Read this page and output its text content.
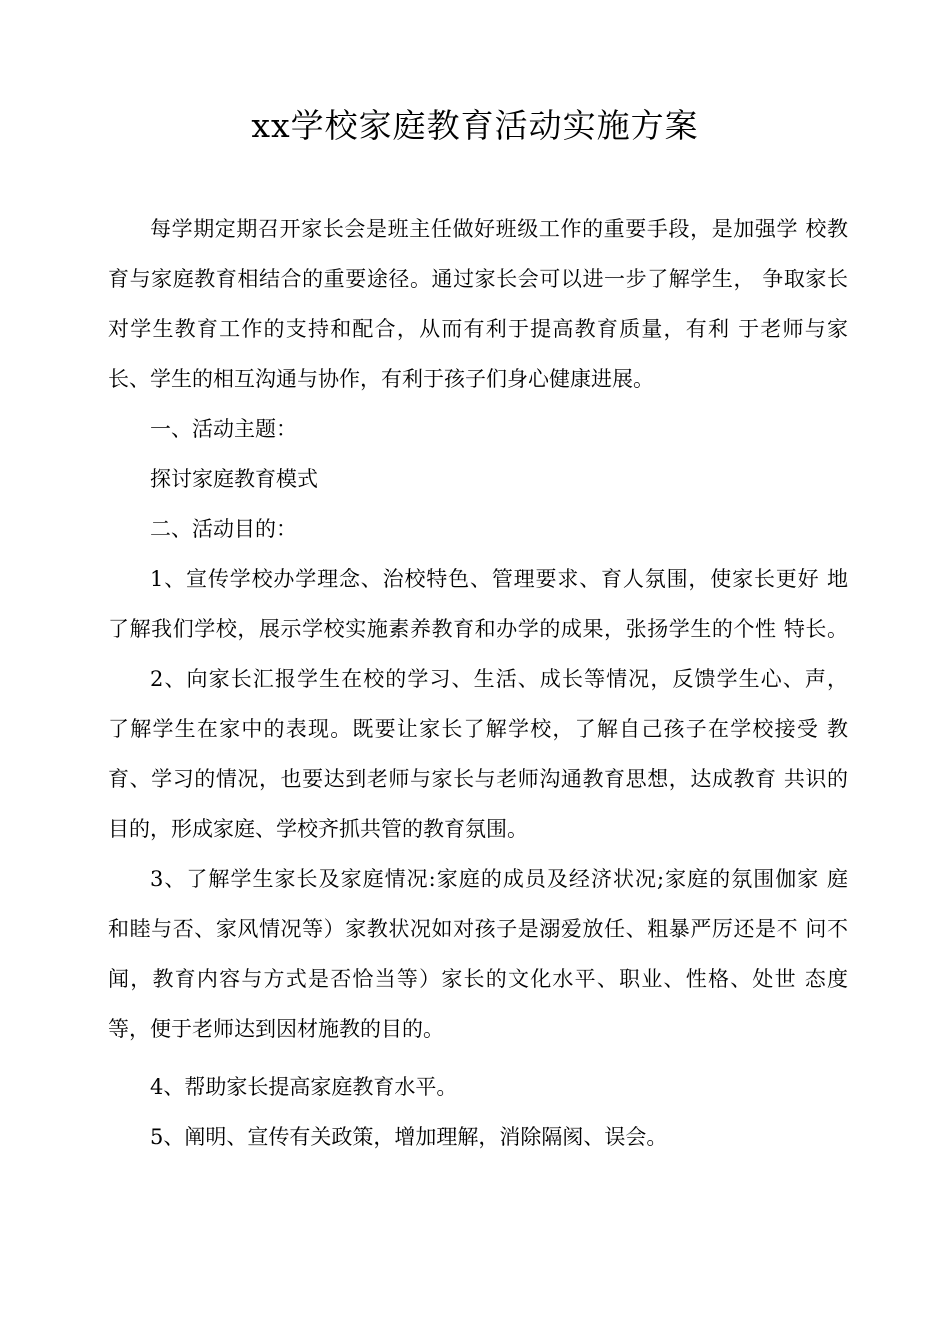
xx学校家庭教育活动实施方案
每学期定期召开家长会是班主任做好班级工作的重要手段，是加强学 校教
育与家庭教育相结合的重要途径。通过家长会可以进一步了解学生， 争取家长
对学生教育工作的支持和配合，从而有利于提高教育质量，有利 于老师与家
长、学生的相互沟通与协作，有利于孩子们身心健康进展。
一、活动主题：
探讨家庭教育模式
二、活动目的：
1、宣传学校办学理念、治校特色、管理要求、育人氛围，使家长更好 地
了解我们学校，展示学校实施素养教育和办学的成果，张扬学生的个性 特长。
2、向家长汇报学生在校的学习、生活、成长等情况，反馈学生心、声，
了解学生在家中的表现。既要让家长了解学校，了解自己孩子在学校接受 教
育、学习的情况，也要达到老师与家长与老师沟通教育思想，达成教育 共识的
目的，形成家庭、学校齐抓共管的教育氛围。
3、了解学生家长及家庭情况:家庭的成员及经济状况;家庭的氛围伽家 庭
和睦与否、家风情况等）家教状况如对孩子是溺爱放任、粗暴严厉还是不 问不
闻，教育内容与方式是否恰当等）家长的文化水平、职业、性格、处世 态度
等，便于老师达到因材施教的目的。
4、帮助家长提高家庭教育水平。
5、阐明、宣传有关政策，增加理解，消除隔阂、误会。
